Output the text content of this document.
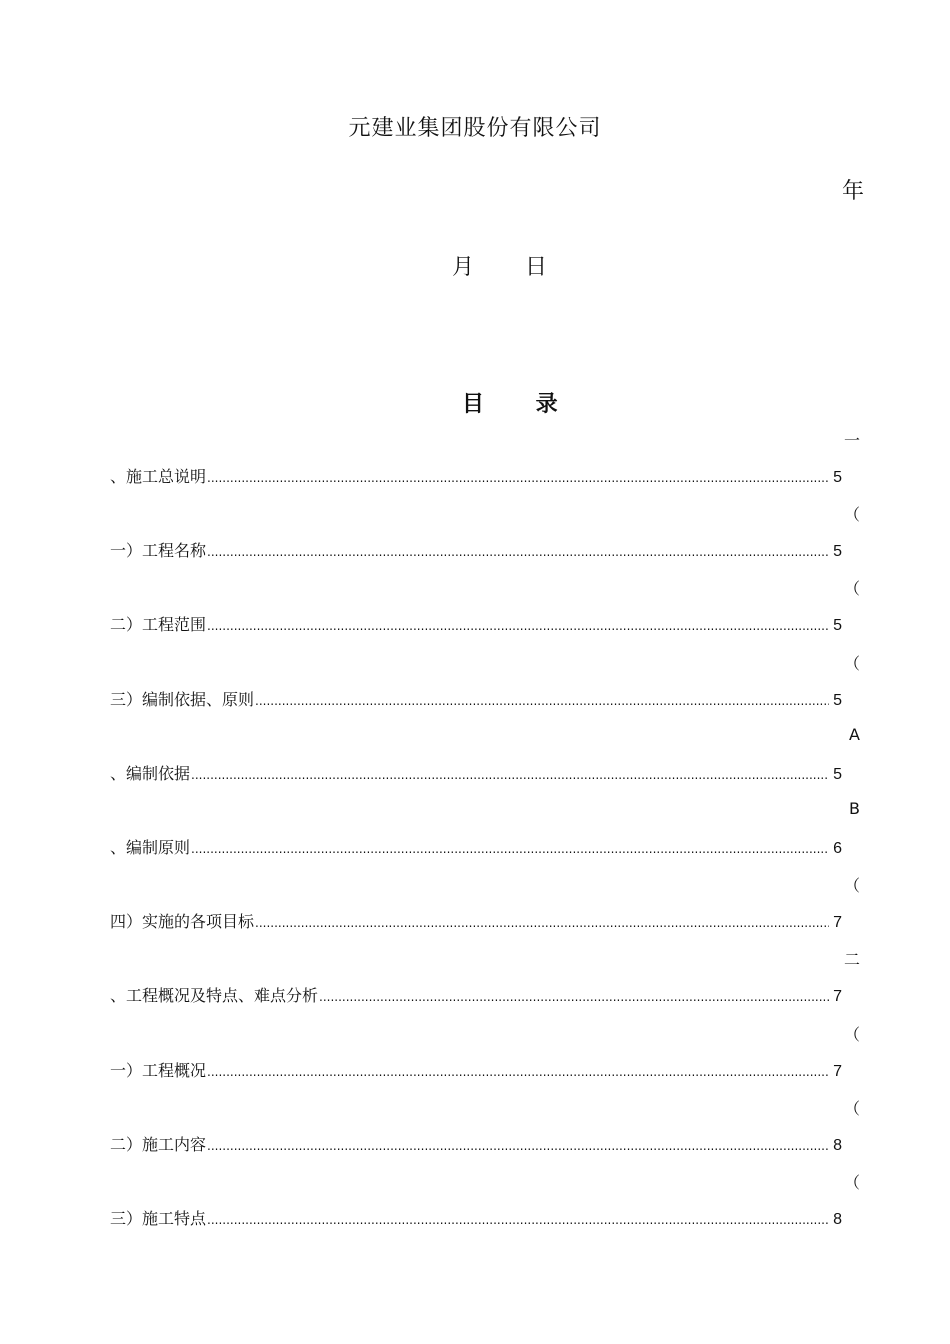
元建业集团股份有限公司
年
月 日
目 录
一
、施工总说明 .....	5
（
一）工程名称 .....	5
（
二）工程范围 .....	5
（
三）编制依据、原则 .....	5
A
、编制依据 .....	5
B
、编制原则 .....	6
（
四）实施的各项目标 .....	7
二
、工程概况及特点、难点分析 .....	7
（
一）工程概况 .....	7
（
二）施工内容 .....	8
（
三）施工特点 .....	8
